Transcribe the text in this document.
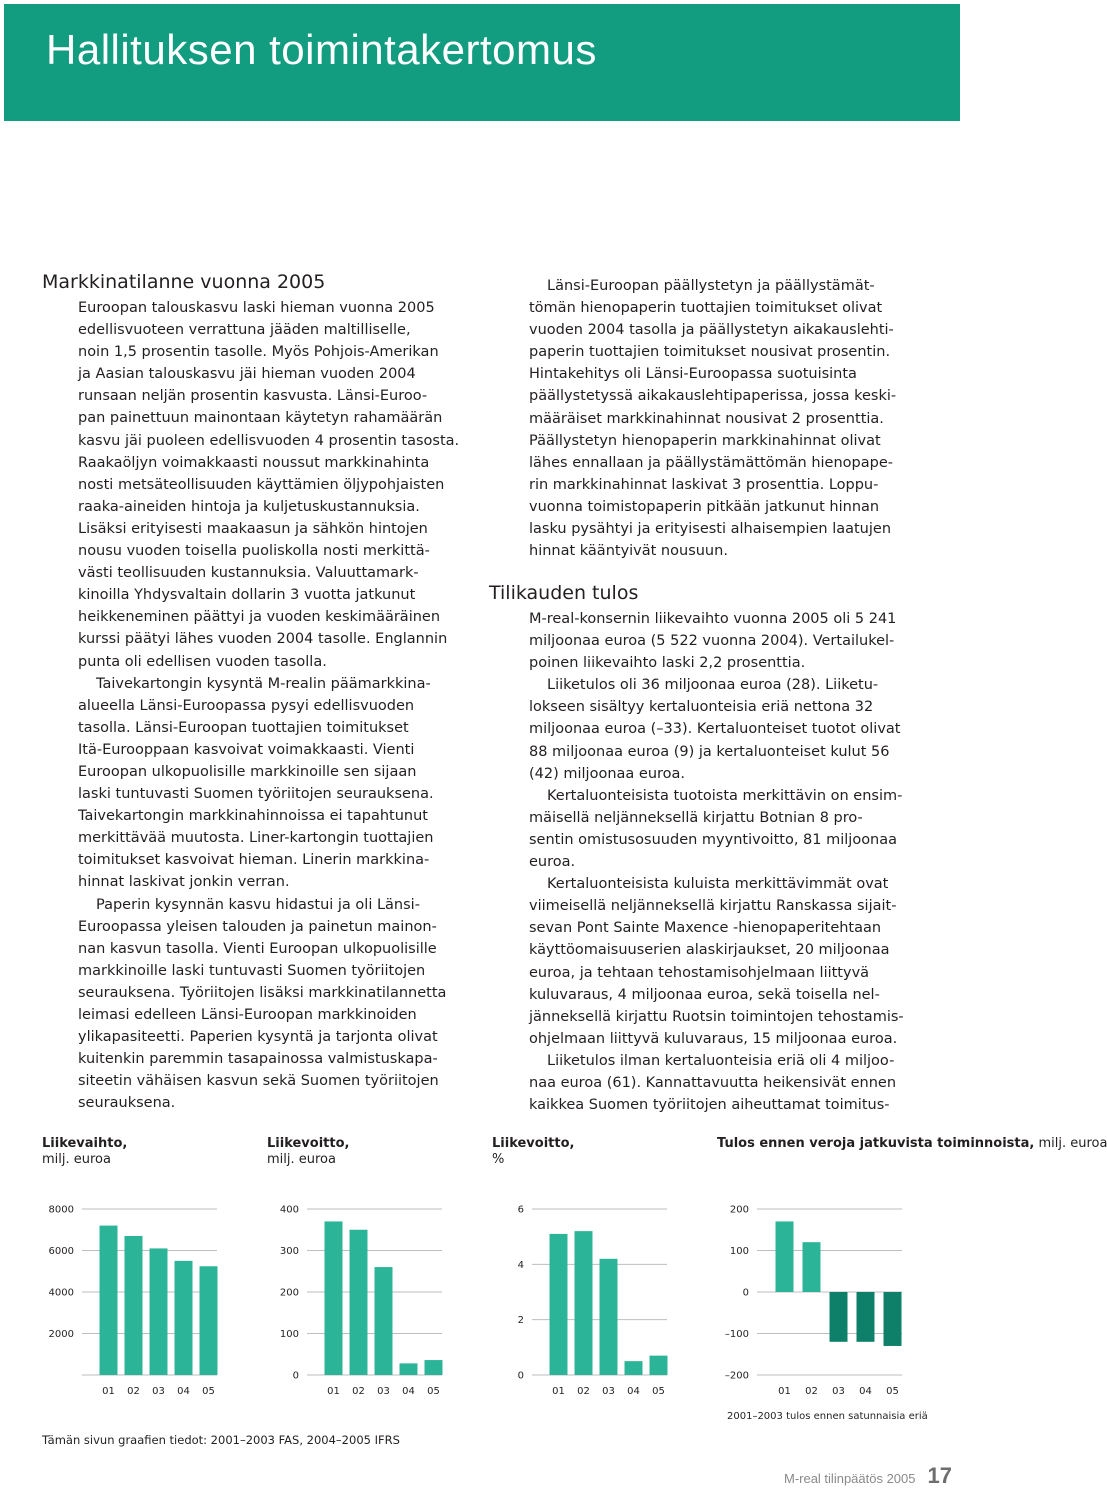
Hallituksen toimintakertomus
Markkinatilanne vuonna 2005

Euroopan talouskasvu laski hieman vuonna 2005

edellisvuoteen verrattuna jääden maltilliselle,

noin 1,5 prosentin tasolle. Myös Pohjois-Amerikan

ja Aasian talouskasvu jäi hieman vuoden 2004

runsaan neljän prosentin kasvusta. Länsi-Euroo-

pan painettuun mainontaan käytetyn rahamäärän

kasvu jäi puoleen edellisvuoden 4 prosentin tasosta.

Raakaöljyn voimakkaasti noussut markkinahinta

nosti metsäteollisuuden käyttämien öljypohjaisten

raaka-aineiden hintoja ja kuljetuskustannuksia.

Lisäksi erityisesti maakaasun ja sähkön hintojen

nousu vuoden toisella puoliskolla nosti merkittä-

västi teollisuuden kustannuksia. Valuuttamark-

kinoilla Yhdysvaltain dollarin 3 vuotta jatkunut

heikkeneminen päättyi ja vuoden keskimääräinen

kurssi päätyi lähes vuoden 2004 tasolle. Englannin

punta oli edellisen vuoden tasolla.

Taivekartongin kysyntä M-realin päämarkkina-

alueella Länsi-Euroopassa pysyi edellisvuoden

tasolla. Länsi-Euroopan tuottajien toimitukset

Itä-Eurooppaan kasvoivat voimakkaasti. Vienti

Euroopan ulkopuolisille markkinoille sen sijaan

laski tuntuvasti Suomen työriitojen seurauksena.

Taivekartongin markkinahinnoissa ei tapahtunut

merkittävää muutosta. Liner-kartongin tuottajien

toimitukset kasvoivat hieman. Linerin markkina-

hinnat laskivat jonkin verran.

Paperin kysynnän kasvu hidastui ja oli Länsi-

Euroopassa yleisen talouden ja painetun mainon-

nan kasvun tasolla. Vienti Euroopan ulkopuolisille

markkinoille laski tuntuvasti Suomen työriitojen

seurauksena. Työriitojen lisäksi markkinatilannetta

leimasi edelleen Länsi-Euroopan markkinoiden

ylikapasiteetti. Paperien kysyntä ja tarjonta olivat

kuitenkin paremmin tasapainossa valmistuskapa-

siteetin vähäisen kasvun sekä Suomen työriitojen

seurauksena.

Länsi-Euroopan päällystetyn ja päällystämät-

tömän hienopaperin tuottajien toimitukset olivat

vuoden 2004 tasolla ja päällystetyn aikakauslehti-

paperin tuottajien toimitukset nousivat prosentin.

Hintakehitys oli Länsi-Euroopassa suotuisinta

päällystetyssä aikakauslehtipaperissa, jossa keski-

määräiset markkinahinnat nousivat 2 prosenttia.

Päällystetyn hienopaperin markkinahinnat olivat

lähes ennallaan ja päällystämättömän hienopape-

rin markkinahinnat laskivat 3 prosenttia. Loppu-

vuonna toimistopaperin pitkään jatkunut hinnan

lasku pysähtyi ja erityisesti alhaisempien laatujen

hinnat kääntyivät nousuun.

Tilikauden tulos

M-real-konsernin liikevaihto vuonna 2005 oli 5 241

miljoonaa euroa (5 522 vuonna 2004). Vertailukel-

poinen liikevaihto laski 2,2 prosenttia.

Liiketulos oli 36 miljoonaa euroa (28). Liiketu-

lokseen sisältyy kertaluonteisia eriä nettona 32

miljoonaa euroa (–33). Kertaluonteiset tuotot olivat

88 miljoonaa euroa (9) ja kertaluonteiset kulut 56

(42) miljoonaa euroa.

Kertaluonteisista tuotoista merkittävin on ensim-

mäisellä neljänneksellä kirjattu Botnian 8 pro-

sentin omistusosuuden myyntivoitto, 81 miljoonaa

euroa.

Kertaluonteisista kuluista merkittävimmät ovat

viimeisellä neljänneksellä kirjattu Ranskassa sijait-

sevan Pont Sainte Maxence -hienopaperitehtaan

käyttöomaisuuserien alaskirjaukset, 20 miljoonaa

euroa, ja tehtaan tehostamisohjelmaan liittyvä

kuluvaraus, 4 miljoonaa euroa, sekä toisella nel-

jänneksellä kirjattu Ruotsin toimintojen tehostamis-

ohjelmaan liittyvä kuluvaraus, 15 miljoonaa euroa.

Liiketulos ilman kertaluonteisia eriä oli 4 miljoo-

naa euroa (61). Kannattavuutta heikensivät ennen

kaikkea Suomen työriitojen aiheuttamat toimitus-

Liikevaihto,
milj. euroa
2000
4000
6000
8000
01 02 03 04 05
Liikevoitto,
milj. euroa
0
100
200
300
400
01 02 03 04 05
Liikevoitto,
%
0
2
4
6
01 02 03 04 05
Tulos ennen veroja jatkuvista toiminnoista, milj. euroa
–200
–100
0
100
200
01 02 03 04 05
2001–2003 tulos ennen satunnaisia eriä
Tämän sivun graafien tiedot: 2001–2003 FAS, 2004–2005 IFRS
M-real tilinpäätös 2005 17
